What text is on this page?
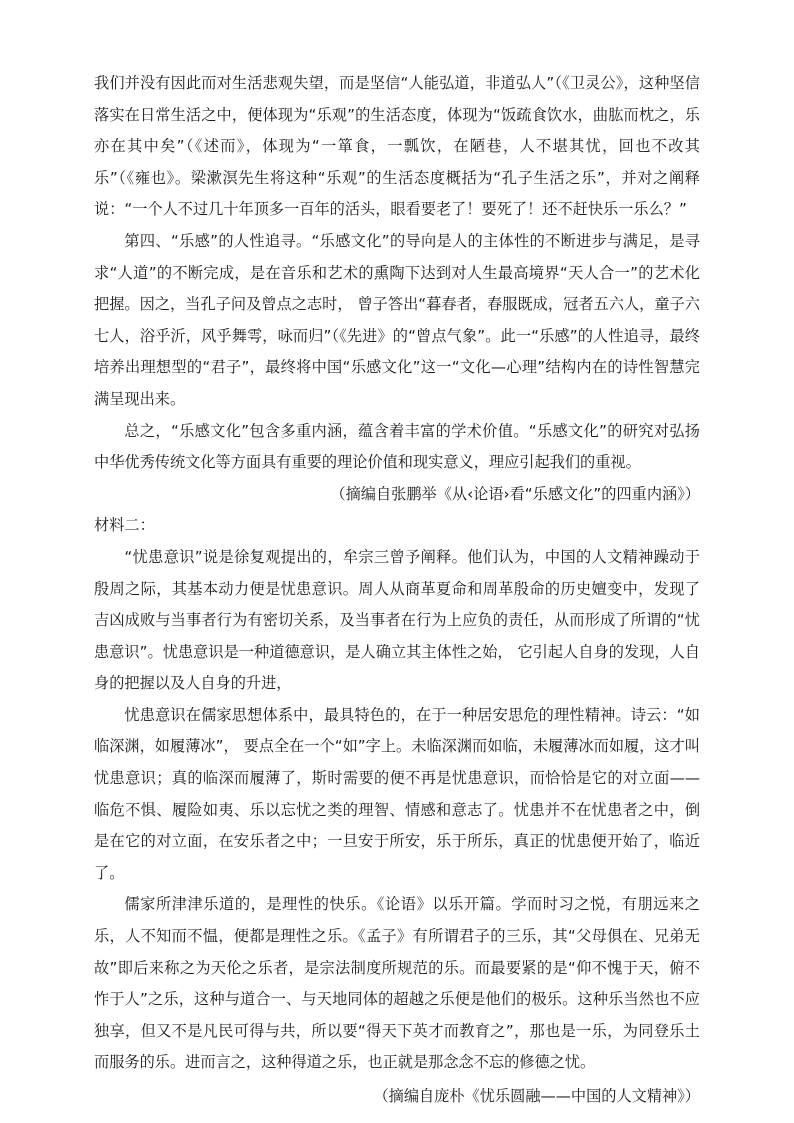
我们并没有因此而对生活悲观失望，而是坚信“人能弘道，非道弘人”（《卫灵公》，这种坚信落实在日常生活之中，便体现为“乐观”的生活态度，体现为“饭疏食饮水，曲肱而枕之，乐亦在其中矣”（《述而》，体现为“一箪食，一瓢饮，在陋巷，人不堪其忧，回也不改其乐”（《雍也》。梁漱溟先生将这种“乐观”的生活态度概括为“孔子生活之乐”，并对之阐释说：“一个人不过几十年顶多一百年的活头，眼看要老了！要死了！还不赶快乐一乐么？”

第四、“乐感”的人性追寻。“乐感文化”的导向是人的主体性的不断进步与满足，是寻求“人道”的不断完成，是在音乐和艺术的熏陶下达到对人生最高境界“天人合一”的艺术化把握。因之，当孔子问及曾点之志时， 曾子答出“暮春者，春服既成，冠者五六人，童子六七人，浴乎沂，风乎舞雩，咏而归”（《先进》的“曾点气象”。此一“乐感”的人性追寻，最终培养出理想型的“君子”，最终将中国“乐感文化”这一“文化—心理”结构内在的诗性智慧完满呈现出来。

总之，“乐感文化”包含多重内涵，蕴含着丰富的学术价值。“乐感文化”的研究对弘扬中华优秀传统文化等方面具有重要的理论价值和现实意义，理应引起我们的重视。

（摘编自张鹏举《从‹论语›看“乐感文化”的四重内涵》）

材料二：

“忧患意识”说是徐复观提出的，牟宗三曾予阐释。他们认为，中国的人文精神躁动于殷周之际，其基本动力便是忧患意识。周人从商革夏命和周革殷命的历史嬗变中，发现了吉凶成败与当事者行为有密切关系，及当事者在行为上应负的责任，从而形成了所谓的“忧患意识”。忧患意识是一种道德意识，是人确立其主体性之始， 它引起人自身的发现，人自身的把握以及人自身的升进，

忧患意识在儒家思想体系中，最具特色的，在于一种居安思危的理性精神。诗云：“如临深渊，如履薄冰”， 要点全在一个“如”字上。未临深渊而如临，未履薄冰而如履，这才叫忧患意识；真的临深而履薄了，斯时需要的便不再是忧患意识，而恰恰是它的对立面——临危不惧、履险如夷、乐以忘忧之类的理智、情感和意志了。忧患并不在忧患者之中，倒是在它的对立面，在安乐者之中；一旦安于所安，乐于所乐，真正的忧患便开始了，临近了。

儒家所津津乐道的，是理性的快乐。《论语》以乐开篇。学而时习之悦，有朋远来之乐，人不知而不愠，便都是理性之乐。《孟子》有所谓君子的三乐，其“父母俱在、兄弟无故”即后来称之为天伦之乐者，是宗法制度所规范的乐。而最要紧的是“仰不愧于天，俯不怍于人”之乐，这种与道合一、与天地同体的超越之乐便是他们的极乐。这种乐当然也不应独享，但又不是凡民可得与共，所以要“得天下英才而教育之”，那也是一乐，为同登乐土而服务的乐。进而言之，这种得道之乐，也正就是那念念不忘的修德之忧。

（摘编自庞朴《忧乐圆融——中国的人文精神》）
